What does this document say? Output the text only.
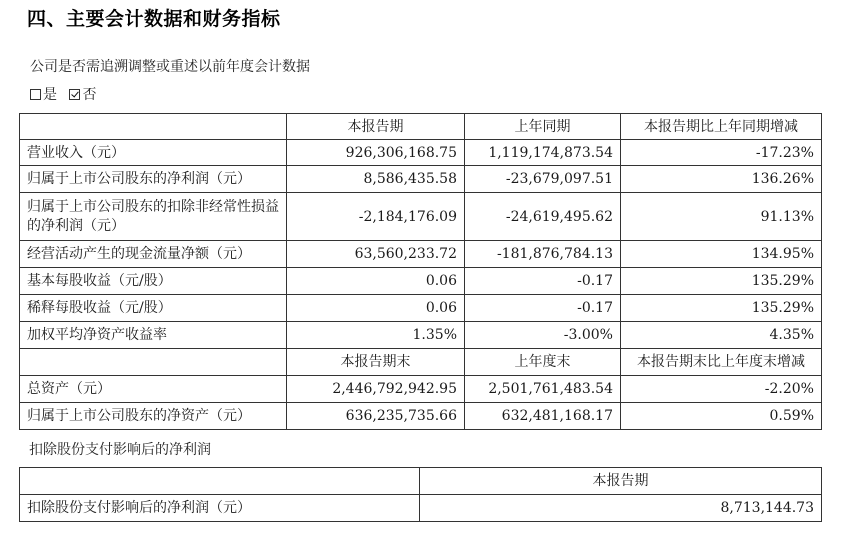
四、主要会计数据和财务指标
公司是否需追溯调整或重述以前年度会计数据
是 否
	本报告期	上年同期	本报告期比上年同期增减
营业收入（元）	926,306,168.75	1,119,174,873.54	-17.23%
归属于上市公司股东的净利润（元）	8,586,435.58	-23,679,097.51	136.26%
归属于上市公司股东的扣除非经常性损益的净利润（元）	-2,184,176.09	-24,619,495.62	91.13%
经营活动产生的现金流量净额（元）	63,560,233.72	-181,876,784.13	134.95%
基本每股收益（元/股）	0.06	-0.17	135.29%
稀释每股收益（元/股）	0.06	-0.17	135.29%
加权平均净资产收益率	1.35%	-3.00%	4.35%
	本报告期末	上年度末	本报告期末比上年度末增减
总资产（元）	2,446,792,942.95	2,501,761,483.54	-2.20%
归属于上市公司股东的净资产（元）	636,235,735.66	632,481,168.17	0.59%
扣除股份支付影响后的净利润
	本报告期
扣除股份支付影响后的净利润（元）	8,713,144.73
